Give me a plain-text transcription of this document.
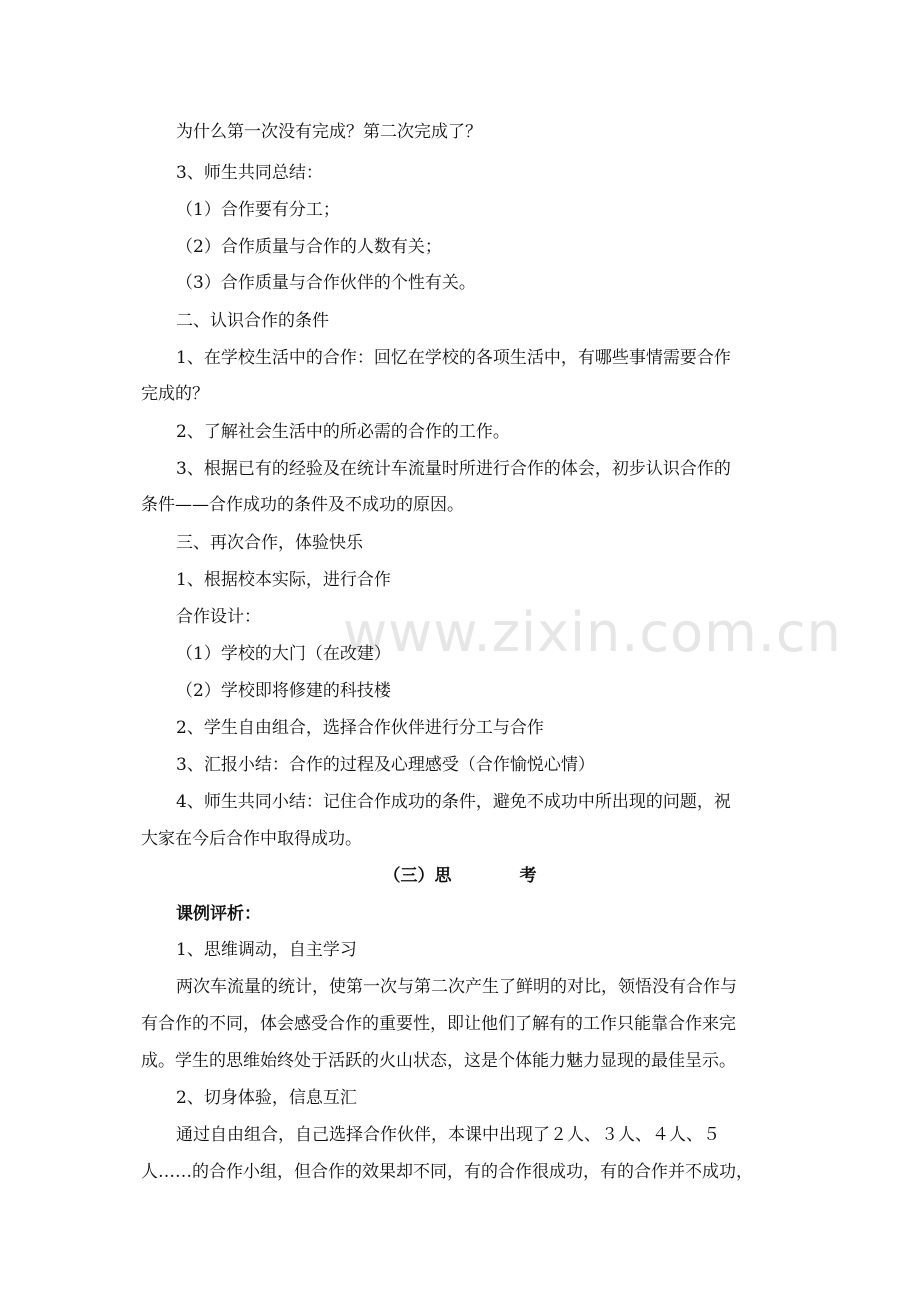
www.zixin.com.cn

为什么第一次没有完成？第二次完成了？

3、师生共同总结：

（1）合作要有分工；

（2）合作质量与合作的人数有关；

（3）合作质量与合作伙伴的个性有关。

二、认识合作的条件

1、在学校生活中的合作：回忆在学校的各项生活中，有哪些事情需要合作

完成的？

2、了解社会生活中的所必需的合作的工作。

3、根据已有的经验及在统计车流量时所进行合作的体会，初步认识合作的

条件——合作成功的条件及不成功的原因。

三、再次合作，体验快乐

1、根据校本实际，进行合作

合作设计：

（1）学校的大门（在改建）

（2）学校即将修建的科技楼

2、学生自由组合，选择合作伙伴进行分工与合作

3、汇报小结：合作的过程及心理感受（合作愉悦心情）

4、师生共同小结：记住合作成功的条件，避免不成功中所出现的问题，祝

大家在今后合作中取得成功。

（三）思　　　　考

课例评析：

1、思维调动，自主学习

两次车流量的统计，使第一次与第二次产生了鲜明的对比，领悟没有合作与

有合作的不同，体会感受合作的重要性，即让他们了解有的工作只能靠合作来完

成。学生的思维始终处于活跃的火山状态，这是个体能力魅力显现的最佳呈示。

2、切身体验，信息互汇

通过自由组合，自己选择合作伙伴，本课中出现了２人、３人、４人、５

人……的合作小组，但合作的效果却不同，有的合作很成功，有的合作并不成功，
